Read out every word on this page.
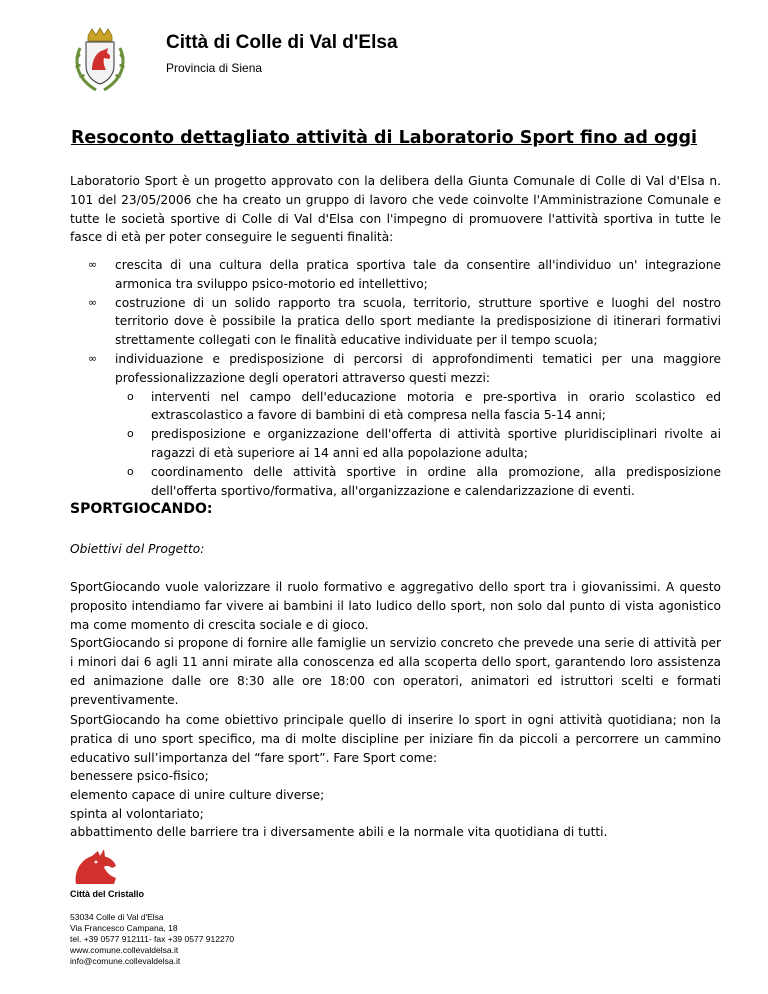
Città di Colle di Val d'Elsa
Provincia di Siena
Resoconto dettagliato attività di Laboratorio Sport fino ad oggi

Laboratorio Sport è un progetto approvato con la delibera della Giunta Comunale di Colle di Val d'Elsa n. 101 del 23/05/2006 che ha creato un gruppo di lavoro che vede coinvolte l'Amministrazione Comunale e tutte le società sportive di Colle di Val d'Elsa con l'impegno di promuovere l'attività sportiva in tutte le fasce di età per poter conseguire le seguenti finalità:

∞ crescita di una cultura della pratica sportiva tale da consentire all'individuo un' integrazione armonica tra sviluppo psico-motorio ed intellettivo;
∞ costruzione di un solido rapporto tra scuola, territorio, strutture sportive e luoghi del nostro territorio dove è possibile la pratica dello sport mediante la predisposizione di itinerari formativi strettamente collegati con le finalità educative individuate per il tempo scuola;
∞ individuazione e predisposizione di percorsi di approfondimenti tematici per una maggiore professionalizzazione degli operatori attraverso questi mezzi:
o interventi nel campo dell'educazione motoria e pre-sportiva in orario scolastico ed extrascolastico a favore di bambini di età compresa nella fascia 5-14 anni;
o predisposizione e organizzazione dell'offerta di attività sportive pluridisciplinari rivolte ai ragazzi di età superiore ai 14 anni ed alla popolazione adulta;
o coordinamento delle attività sportive in ordine alla promozione, alla predisposizione dell'offerta sportivo/formativa, all'organizzazione e calendarizzazione di eventi.
SPORTGIOCANDO:
Obiettivi del Progetto:

SportGiocando vuole valorizzare il ruolo formativo e aggregativo dello sport tra i giovanissimi. A questo proposito intendiamo far vivere ai bambini il lato ludico dello sport, non solo dal punto di vista agonistico ma come momento di crescita sociale e di gioco.

SportGiocando si propone di fornire alle famiglie un servizio concreto che prevede una serie di attività per i minori dai 6 agli 11 anni mirate alla conoscenza ed alla scoperta dello sport, garantendo loro assistenza ed animazione dalle ore 8:30 alle ore 18:00 con operatori, animatori ed istruttori scelti e formati preventivamente.

SportGiocando ha come obiettivo principale quello di inserire lo sport in ogni attività quotidiana; non la pratica di uno sport specifico, ma di molte discipline per iniziare fin da piccoli a percorrere un cammino educativo sull’importanza del “fare sport”. Fare Sport come:

benessere psico-fisico;

elemento capace di unire culture diverse;

spinta al volontariato;

abbattimento delle barriere tra i diversamente abili e la normale vita quotidiana di tutti.

Città del Cristallo
53034 Colle di Val d'Elsa
Via Francesco Campana, 18
tel. +39 0577 912111- fax +39 0577 912270
www.comune.collevaldelsa.it
info@comune.collevaldelsa.it
